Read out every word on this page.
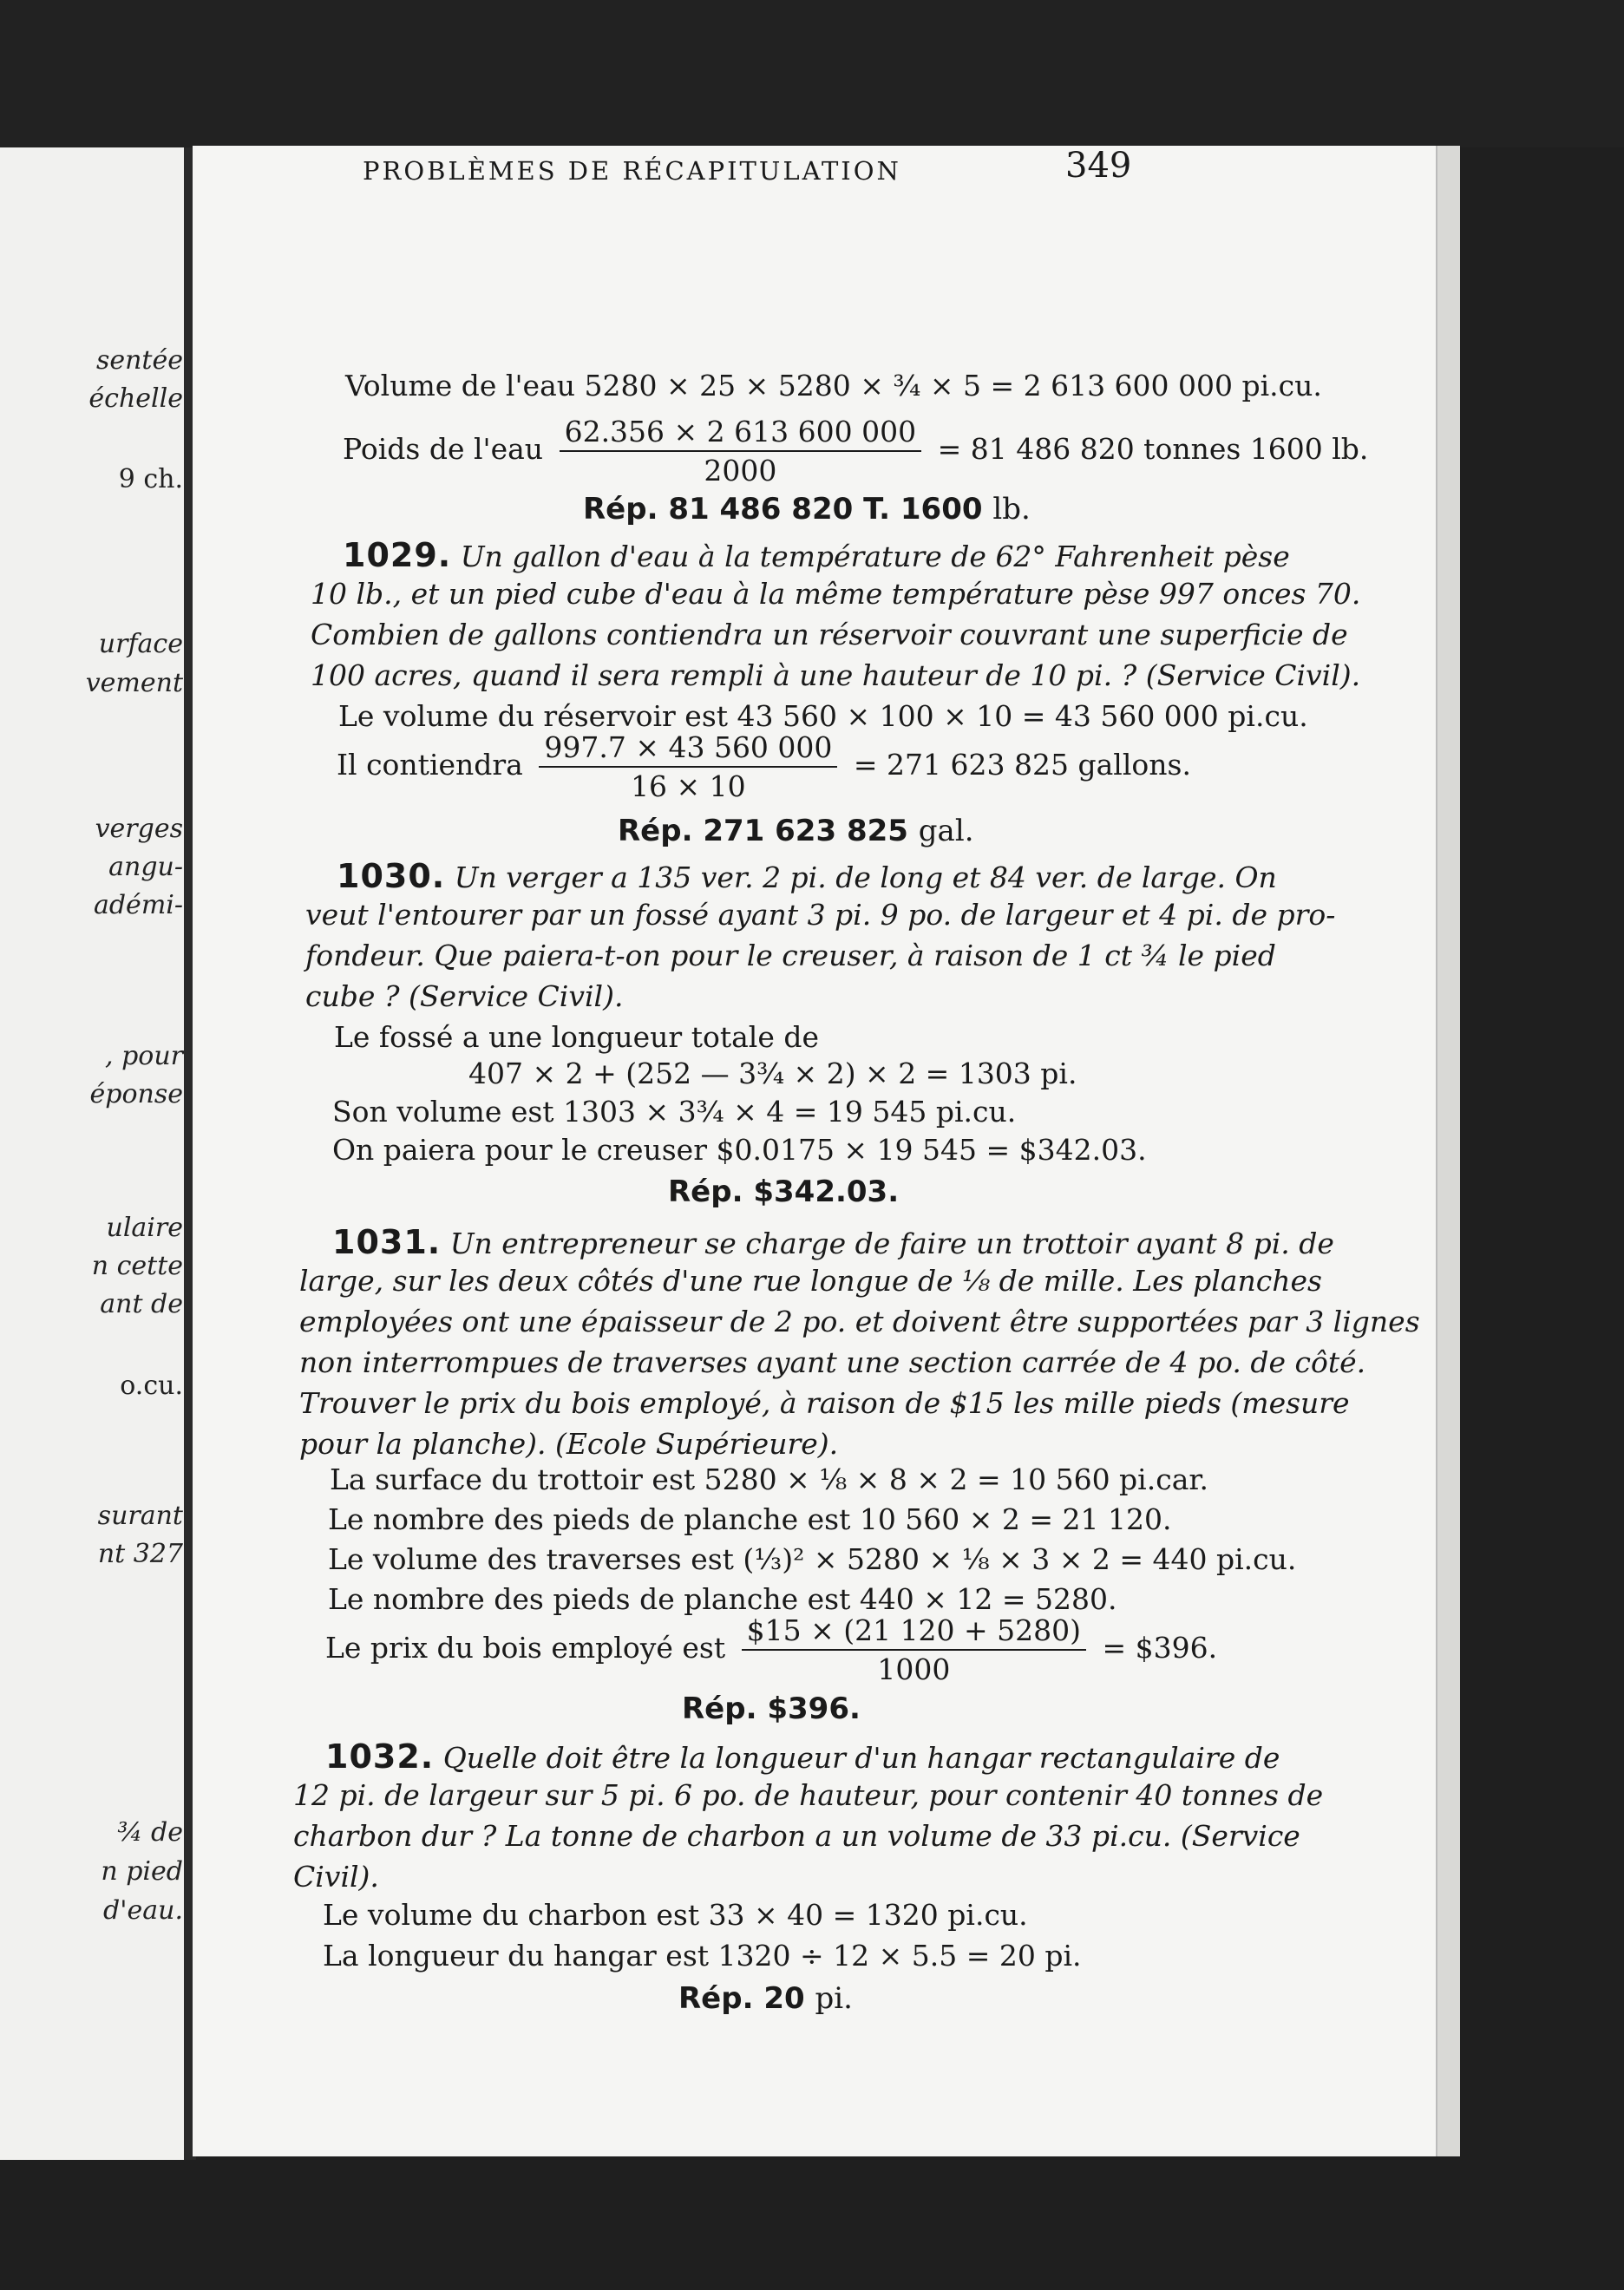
sentée
échelle
9 ch.
urface
vement
verges
angu-
adémi-
, pour
éponse
ulaire
n cette
ant de
o.cu.
surant
nt 327
¾ de
n pied
d'eau.
PROBLÈMES DE RÉCAPITULATION	349
Volume de l'eau 5280 × 25 × 5280 × ¾ × 5 = 2 613 600 000 pi.cu.
Poids de $l'eau \frac{62.356 \times 2 613 600 000}{2000} = 81$ 486 820 tonnes 1600 lb.
Rép. 81 486 820 T. 1600 lb.
1029. Un gallon d'eau à la température de 62° Fahrenheit pèse
10 lb., et un pied cube d'eau à la même température pèse 997 onces 70.
Combien de gallons contiendra un réservoir couvrant une superficie de
100 acres, quand il sera rempli à une hauteur de 10 pi. ? (Service Civil).
Le volume du réservoir est 43 560 × 100 × 10 = 43 560 000 pi.cu.
Il contiendra $\frac{997.7 \times 43 560 000}{16 \times 10} = 271$ 623 825 gallons.
Rép. 271 623 825 gal.
1030. Un verger a 135 ver. 2 pi. de long et 84 ver. de large. On
veut l'entourer par un fossé ayant 3 pi. 9 po. de largeur et 4 pi. de pro-
fondeur. Que paiera-t-on pour le creuser, à raison de 1 ct ¾ le pied
cube ? (Service Civil).
Le fossé a une longueur totale de
407 × 2 + (252 — 3¾ × 2) × 2 = 1303 pi.
Son volume est 1303 × 3¾ × 4 = 19 545 pi.cu.
On paiera pour le creuser $0.0175 × 19 545 = $342.03.
Rép. $342.03.
1031. Un entrepreneur se charge de faire un trottoir ayant 8 pi. de
large, sur les deux côtés d'une rue longue de ⅛ de mille. Les planches
employées ont une épaisseur de 2 po. et doivent être supportées par 3 lignes
non interrompues de traverses ayant une section carrée de 4 po. de côté.
Trouver le prix du bois employé, à raison de $15 les mille pieds (mesure
pour la planche). (Ecole Supérieure).
La surface du trottoir est 5280 × ⅛ × 8 × 2 = 10 560 pi.car.
Le nombre des pieds de planche est 10 560 × 2 = 21 120.
Le volume des traverses est (⅓)² × 5280 × ⅛ × 3 × 2 = 440 pi.cu.
Le nombre des pieds de planche est 440 × 12 = 5280.
Le prix du bois employé est $\frac{\$15 \times (21 120 + 5280)}{1000}$ = $396.
Rép. $396.
1032. Quelle doit être la longueur d'un hangar rectangulaire de
12 pi. de largeur sur 5 pi. 6 po. de hauteur, pour contenir 40 tonnes de
charbon dur ? La tonne de charbon a un volume de 33 pi.cu. (Service
Civil).
Le volume du charbon est 33 × 40 = 1320 pi.cu.
La longueur du hangar est 1320 ÷ 12 × 5.5 = 20 pi.
Rép. 20 pi.
